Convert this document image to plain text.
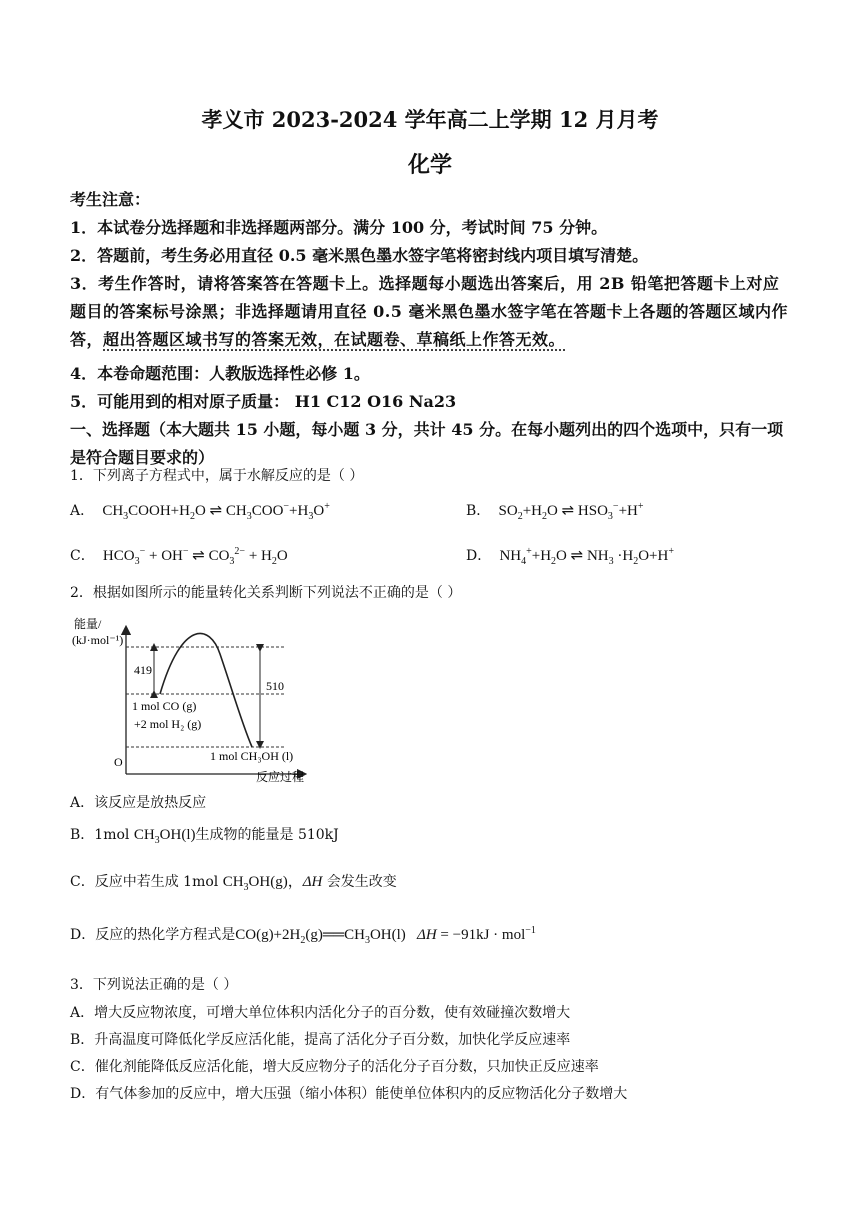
孝义市 2023-2024 学年高二上学期 12 月月考
化学

考生注意：

1．本试卷分选择题和非选择题两部分。满分 100 分，考试时间 75 分钟。

2．答题前，考生务必用直径 0.5 毫米黑色墨水签字笔将密封线内项目填写清楚。

3．考生作答时，请将答案答在答题卡上。选择题每小题选出答案后，用 2B 铅笔把答题卡上对应题目的答案标号涂黑；非选择题请用直径 0.5 毫米黑色墨水签字笔在答题卡上各题的答题区域内作答，超出答题区域书写的答案无效，在试题卷、草稿纸上作答无效。

4．本卷命题范围：人教版选择性必修 1。

5．可能用到的相对原子质量： H1 C12 O16 Na23

一、选择题（本大题共 15 小题，每小题 3 分，共计 45 分。在每小题列出的四个选项中，只有一项是符合题目要求的）

1．下列离子方程式中，属于水解反应的是（ ）
A．  $CH_3COOH+H_2O$ ⇌ $CH_3COO^-+H_3O^+$	B．  $SO_2+H_2O$ ⇌ $HSO_3^-+H^+$
C．  $HCO_3^- + OH^-$ ⇌ $CO_3^{2-} + H_2O$	D．  $NH_4^++H_2O$ ⇌ $NH_3 \cdot H_2O+H^+$
2．根据如图所示的能量转化关系判断下列说法不正确的是（ ）
能量/
(kJ·mol⁻¹)
419
510
1 mol CO (g)
+2 mol H₂ (g)
1 mol CH₃OH (l)
O
反应过程
A．该反应是放热反应
B．1mol $CH_3OH(l)$生成物的能量是 510kJ
C．反应中若生成 1mol $CH_3OH(g)$，ΔH 会发生改变
D．反应的热化学方程式是$CO(g)+2H_2(g)══CH_3OH(l) \Delta H = -91kJ \cdot mol^{-1}$
3．下列说法正确的是（ ）
A．增大反应物浓度，可增大单位体积内活化分子的百分数，使有效碰撞次数增大
B．升高温度可降低化学反应活化能，提高了活化分子百分数，加快化学反应速率
C．催化剂能降低反应活化能，增大反应物分子的活化分子百分数，只加快正反应速率
D．有气体参加的反应中，增大压强（缩小体积）能使单位体积内的反应物活化分子数增大
